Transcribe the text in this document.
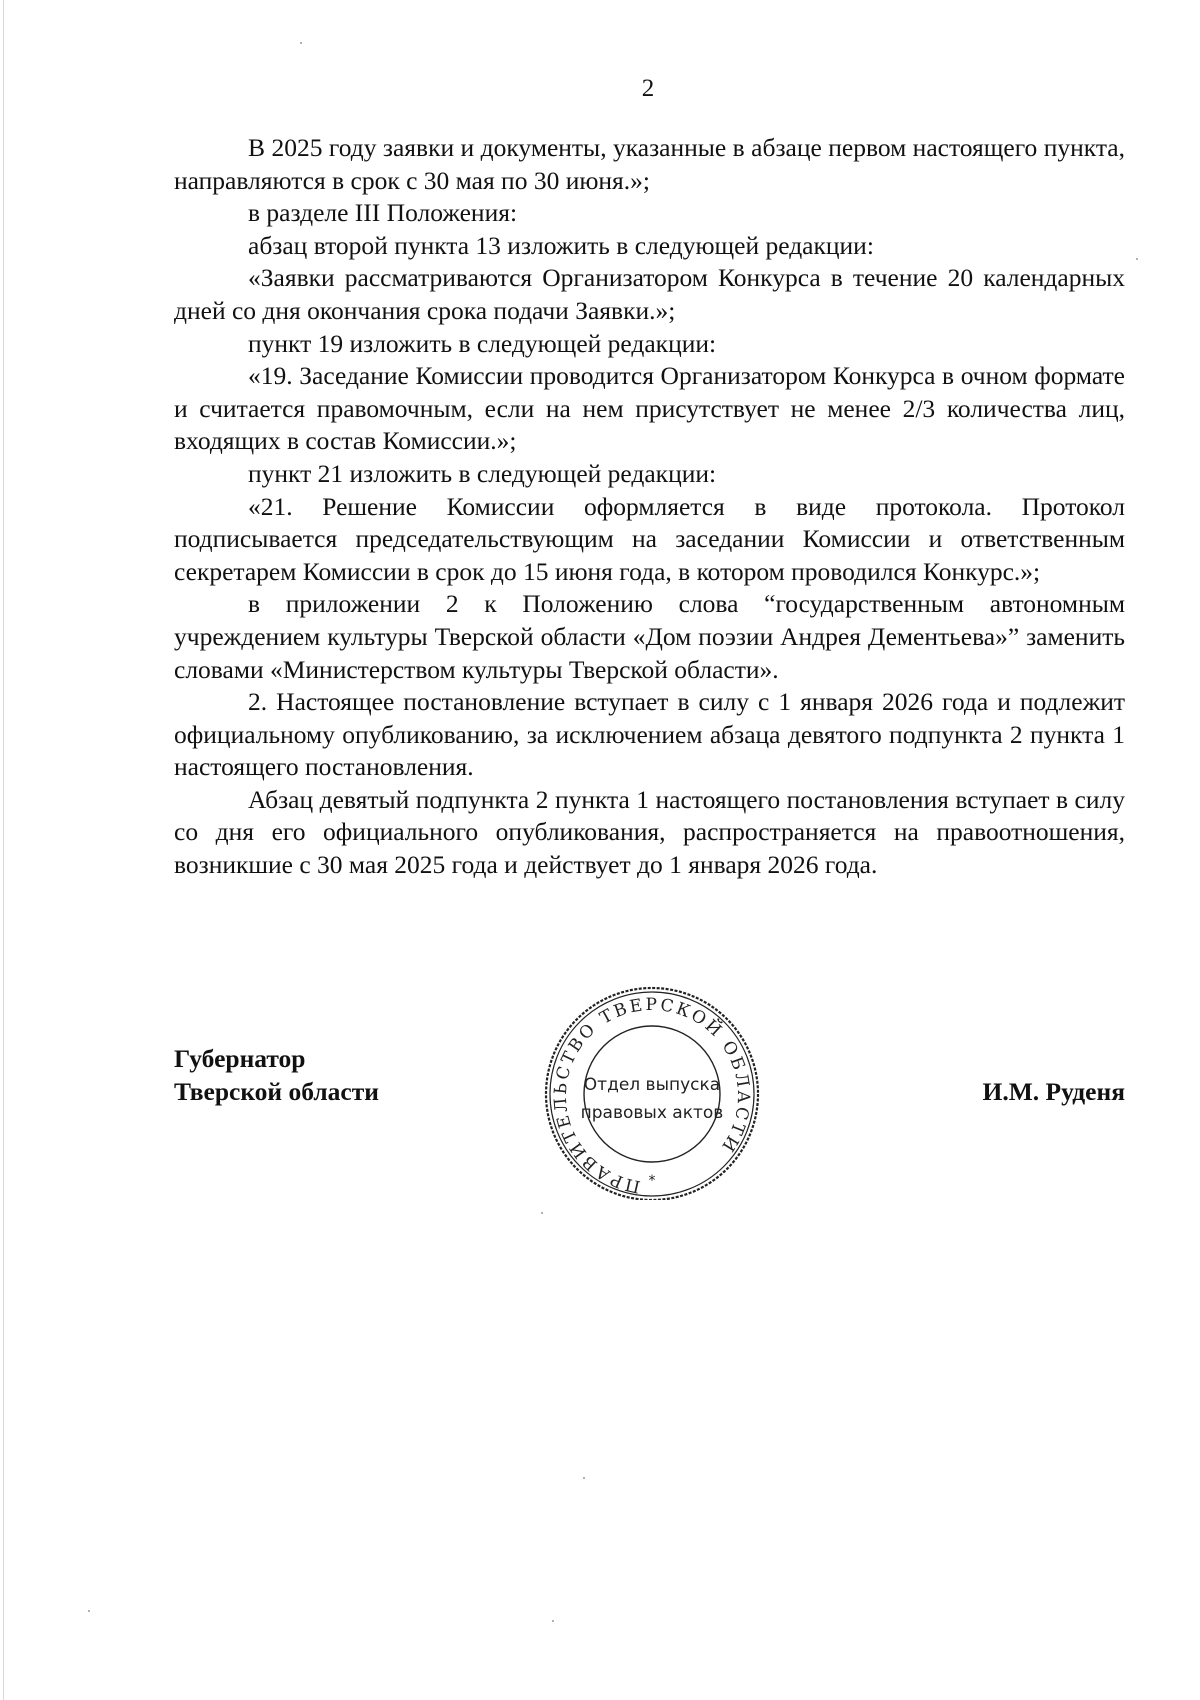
2

В 2025 году заявки и документы, указанные в абзаце первом настоящего пункта, направляются в срок с 30 мая по 30 июня.»;

в разделе III Положения:

абзац второй пункта 13 изложить в следующей редакции:

«Заявки рассматриваются Организатором Конкурса в течение 20 календарных дней со дня окончания срока подачи Заявки.»;

пункт 19 изложить в следующей редакции:

«19. Заседание Комиссии проводится Организатором Конкурса в очном формате и считается правомочным, если на нем присутствует не менее 2/3 количества лиц, входящих в состав Комиссии.»;

пункт 21 изложить в следующей редакции:

«21. Решение Комиссии оформляется в виде протокола. Протокол подписывается председательствующим на заседании Комиссии и ответственным секретарем Комиссии в срок до 15 июня года, в котором проводился Конкурс.»;

в приложении 2 к Положению слова “государственным автономным учреждением культуры Тверской области «Дом поэзии Андрея Дементьева»” заменить словами «Министерством культуры Тверской области».

2. Настоящее постановление вступает в силу с 1 января 2026 года и подлежит официальному опубликованию, за исключением абзаца девятого подпункта 2 пункта 1 настоящего постановления.

Абзац девятый подпункта 2 пункта 1 настоящего постановления вступает в силу со дня его официального опубликования, распространяется на правоотношения, возникшие с 30 мая 2025 года и действует до 1 января 2026 года.

Губернатор
Тверской области	И.М. Руденя
ПРАВИТЕЛЬСТВО ТВЕРСКОЙ ОБЛАСТИ
Отдел выпуска
правовых актов
*
